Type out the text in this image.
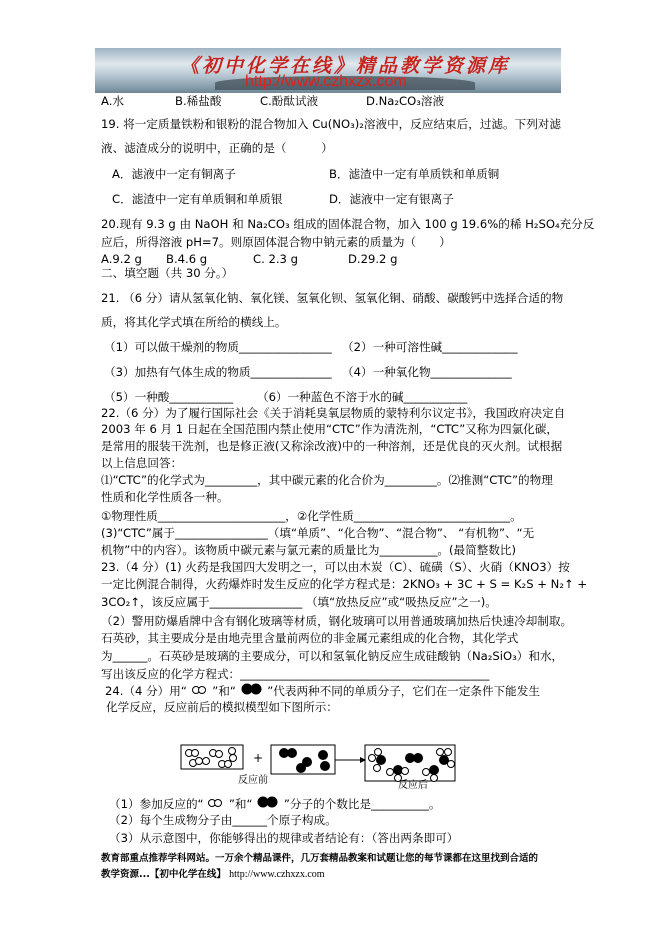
《初中化学在线》精品教学资源库
http://www.czhxzx.com
A.水	B.稀盐酸	C.酚酞试液	D.Na₂CO₃溶液
19. 将一定质量铁粉和银粉的混合物加入 Cu(NO₃)₂溶液中，反应结束后，过滤。下列对滤
液、滤渣成分的说明中，正确的是（　　　）
A．滤液中一定有铜离子	B．滤渣中一定有单质铁和单质铜
C．滤渣中一定有单质铜和单质银	D．滤液中一定有银离子
20.现有 9.3 g 由 NaOH 和 Na₂CO₃ 组成的固体混合物，加入 100 g 19.6%的稀 H₂SO₄充分反
应后，所得溶液 pH=7。则原固体混合物中钠元素的质量为（　　）
A.9.2 g B.4.6 g	C. 2.3 g	D.29.2 g
二、填空题（共 30 分。）
21. （6 分）请从氢氧化钠、氧化镁、氢氧化钡、氢氧化铜、硝酸、碳酸钙中选择合适的物
质，将其化学式填在所给的横线上。
（1）可以做干燥剂的物质________________ （2）一种可溶性碱_____________
（3）加热有气体生成的物质______________ （4）一种氧化物______________
（5）一种酸___________ （6）一种蓝色不溶于水的碱___________
22.（6 分）为了履行国际社会《关于消耗臭氧层物质的蒙特利尔议定书》，我国政府决定自
2003 年 6 月 1 日起在全国范围内禁止使用“CTC”作为清洗剂，“CTC”又称为四氯化碳，
是常用的服装干洗剂，也是修正液(又称涂改液)中的一种溶剂，还是优良的灭火剂。试根据
以上信息回答：
⑴“CTC”的化学式为_________，其中碳元素的化合价为_________。⑵推测“CTC”的物理
性质和化学性质各一种。
①物理性质______________________，②化学性质___________________________。
(3)“CTC”属于________________（填“单质”、“化合物”、“混合物”、 “有机物”、“无
机物”中的内容）。该物质中碳元素与氯元素的质量比为__________。(最简整数比)
23.（4 分）(1) 火药是我国四大发明之一，可以由木炭（C）、硫磺（S）、火硝（KNO3）按
一定比例混合制得，火药爆炸时发生反应的化学方程式是：2KNO₃ + 3C + S = K₂S + N₂↑ +
3CO₂↑，该反应属于________________ （填“放热反应”或“吸热反应”之一)。
（2）警用防爆盾牌中含有钢化玻璃等材质，钢化玻璃可以用普通玻璃加热后快速冷却制取。
石英砂，其主要成分是由地壳里含量前两位的非金属元素组成的化合物，其化学式
为______。石英砂是玻璃的主要成分，可以和氢氧化钠反应生成硅酸钠（Na₂SiO₃）和水，
写出该反应的化学方程式：___________________________________________
24.（4 分）用“ ”和“	”代表两种不同的单质分子，它们在一定条件下能发生
化学反应，反应前后的模拟模型如下图所示：
+
反应前	反应后
（1）参加反应的“ ”和“	”分子的个数比是__________。
（2）每个生成物分子由______个原子构成。
（3）从示意图中，你能够得出的规律或者结论有：（答出两条即可）
教育部重点推荐学科网站。一万余个精品课件，几万套精品教案和试题让您的每节课都在这里找到合适的
教学资源...【初中化学在线】 http://www.czhxzx.com
